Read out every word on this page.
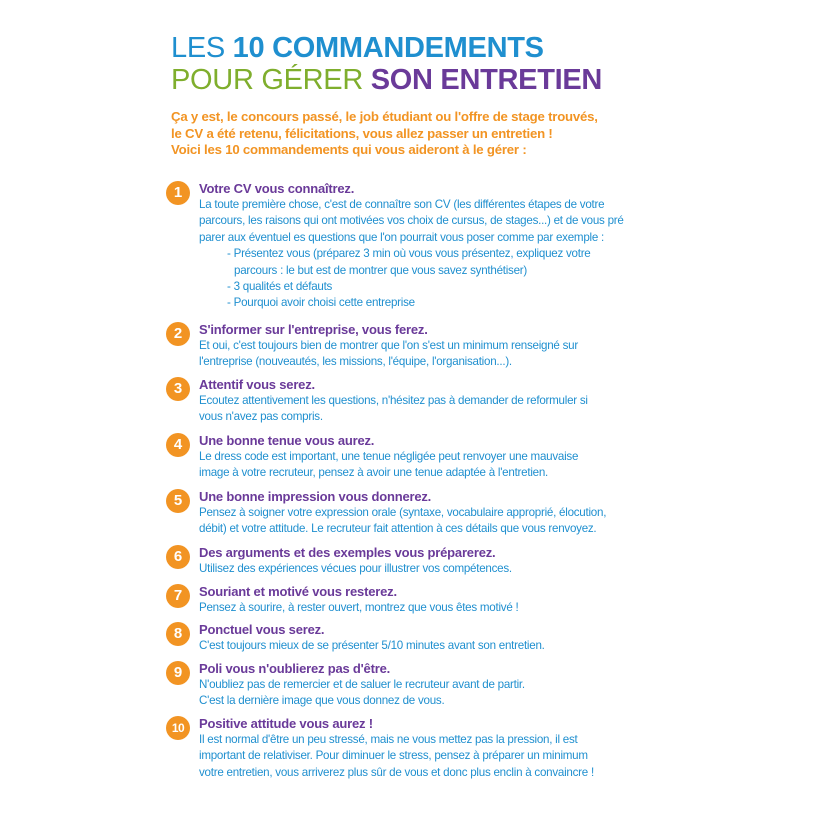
LES 10 COMMANDEMENTS
POUR GÉRER SON ENTRETIEN
Ça y est, le concours passé, le job étudiant ou l'offre de stage trouvés,
le CV a été retenu, félicitations, vous allez passer un entretien !
Voici les 10 commandements qui vous aideront à le gérer :
1	Votre CV vous connaîtrez.
La toute première chose, c'est de connaître son CV (les différentes étapes de votre
parcours, les raisons qui ont motivées vos choix de cursus, de stages...) et de vous pré
parer aux éventuel es questions que l'on pourrait vous poser comme par exemple :
- Présentez vous (préparez 3 min où vous vous présentez, expliquez votre
parcours : le but est de montrer que vous savez synthétiser)
- 3 qualités et défauts
- Pourquoi avoir choisi cette entreprise
2	S'informer sur l'entreprise, vous ferez.
Et oui, c'est toujours bien de montrer que l'on s'est un minimum renseigné sur
l'entreprise (nouveautés, les missions, l'équipe, l'organisation...).
3	Attentif vous serez.
Ecoutez attentivement les questions, n'hésitez pas à demander de reformuler si
vous n'avez pas compris.
4	Une bonne tenue vous aurez.
Le dress code est important, une tenue négligée peut renvoyer une mauvaise
image à votre recruteur, pensez à avoir une tenue adaptée à l'entretien.
5	Une bonne impression vous donnerez.
Pensez à soigner votre expression orale (syntaxe, vocabulaire approprié, élocution,
débit) et votre attitude. Le recruteur fait attention à ces détails que vous renvoyez.
6	Des arguments et des exemples vous préparerez.
Utilisez des expériences vécues pour illustrer vos compétences.
7	Souriant et motivé vous resterez.
Pensez à sourire, à rester ouvert, montrez que vous êtes motivé !
8	Ponctuel vous serez.
C'est toujours mieux de se présenter 5/10 minutes avant son entretien.
9	Poli vous n'oublierez pas d'être.
N'oubliez pas de remercier et de saluer le recruteur avant de partir.
C'est la dernière image que vous donnez de vous.
10	Positive attitude vous aurez !
Il est normal d'être un peu stressé, mais ne vous mettez pas la pression, il est
important de relativiser. Pour diminuer le stress, pensez à préparer un minimum
votre entretien, vous arriverez plus sûr de vous et donc plus enclin à convaincre !
